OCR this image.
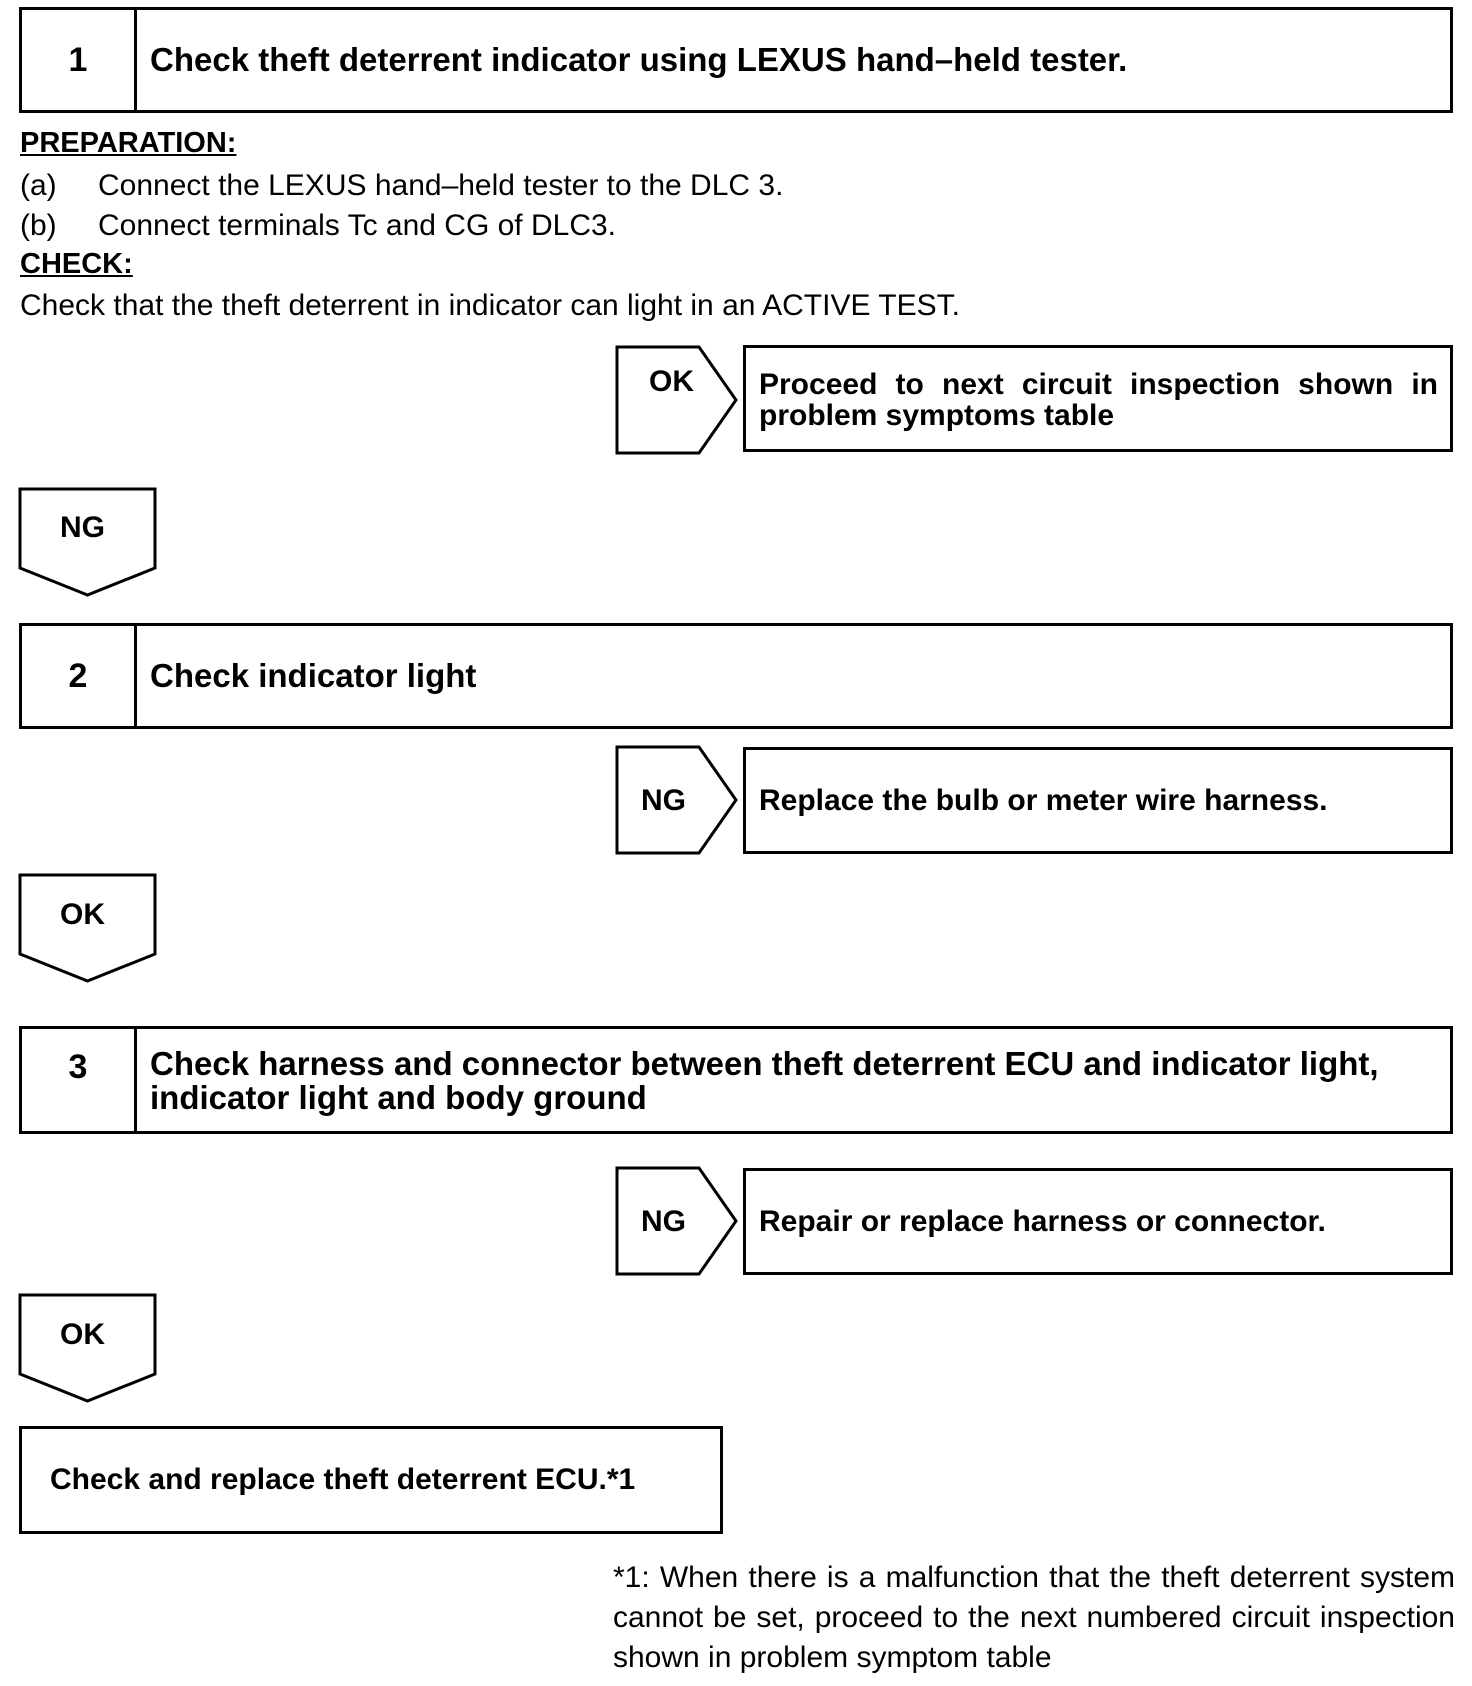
1	Check theft deterrent indicator using LEXUS hand–held tester.
PREPARATION:
(a) Connect the LEXUS hand–held tester to the DLC 3.
(b) Connect terminals Tc and CG of DLC3.
CHECK:
Check that the theft deterrent in indicator can light in an ACTIVE TEST.
OK	Proceed to next circuit inspection shown in problem symptoms table
NG
2	Check indicator light
NG	Replace the bulb or meter wire harness.
OK
3	Check harness and connector between theft deterrent ECU and indicator light, indicator light and body ground
NG	Repair or replace harness or connector.
OK
Check and replace theft deterrent ECU.*1
*1: When there is a malfunction that the theft deterrent system cannot be set, proceed to the next numbered circuit inspection shown in problem symptom table
